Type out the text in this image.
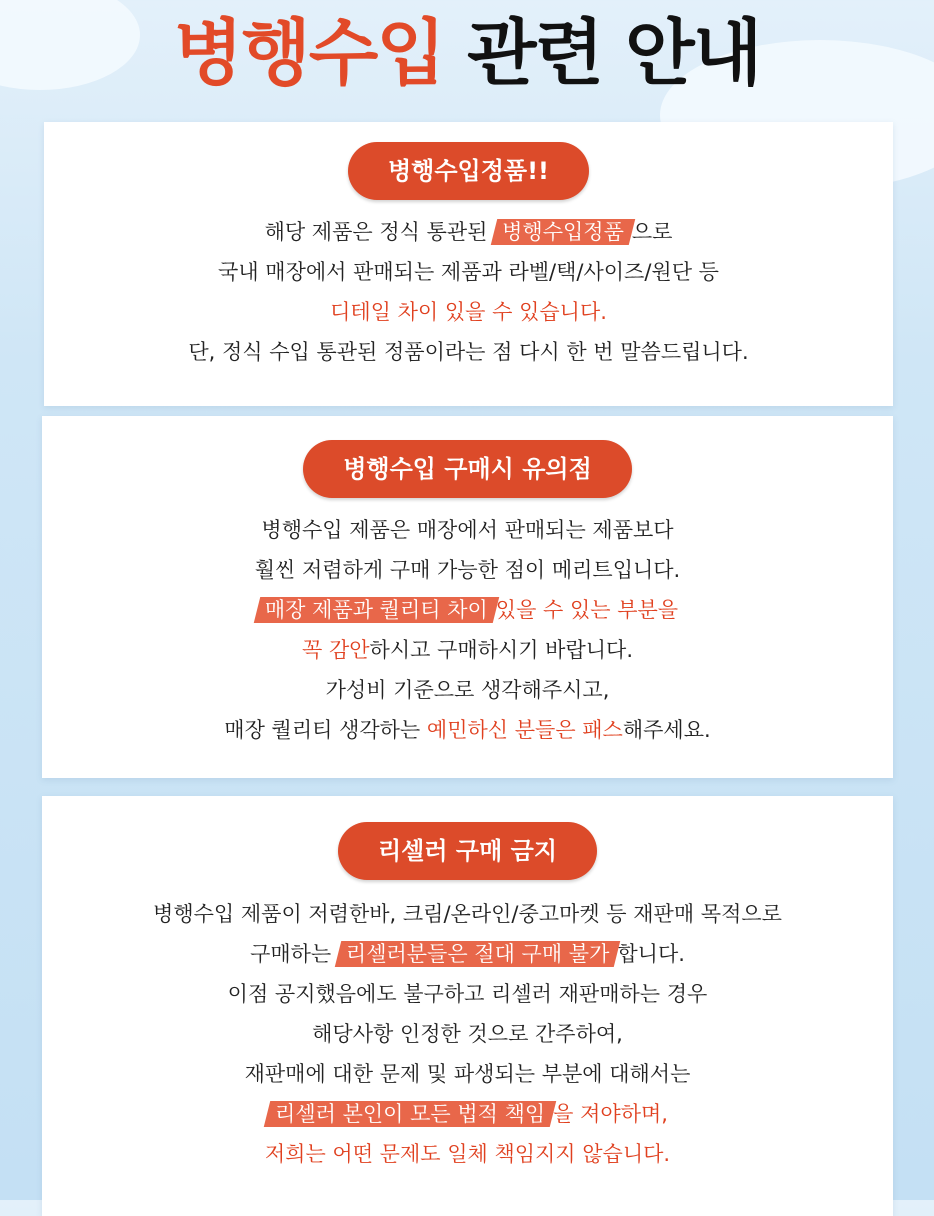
병행수입 관련 안내
병행수입정품!!
해당 제품은 정식 통관된 병행수입정품 으로
국내 매장에서 판매되는 제품과 라벨/택/사이즈/원단 등
디테일 차이 있을 수 있습니다.
단, 정식 수입 통관된 정품이라는 점 다시 한 번 말씀드립니다.
병행수입 구매시 유의점
병행수입 제품은 매장에서 판매되는 제품보다
훨씬 저렴하게 구매 가능한 점이 메리트입니다.
매장 제품과 퀄리티 차이 있을 수 있는 부분을
꼭 감안하시고 구매하시기 바랍니다.
가성비 기준으로 생각해주시고,
매장 퀄리티 생각하는 예민하신 분들은 패스해주세요.
리셀러 구매 금지
병행수입 제품이 저렴한바, 크림/온라인/중고마켓 등 재판매 목적으로
구매하는 리셀러분들은 절대 구매 불가 합니다.
이점 공지했음에도 불구하고 리셀러 재판매하는 경우
해당사항 인정한 것으로 간주하여,
재판매에 대한 문제 및 파생되는 부분에 대해서는
리셀러 본인이 모든 법적 책임 을 져야하며,
저희는 어떤 문제도 일체 책임지지 않습니다.
